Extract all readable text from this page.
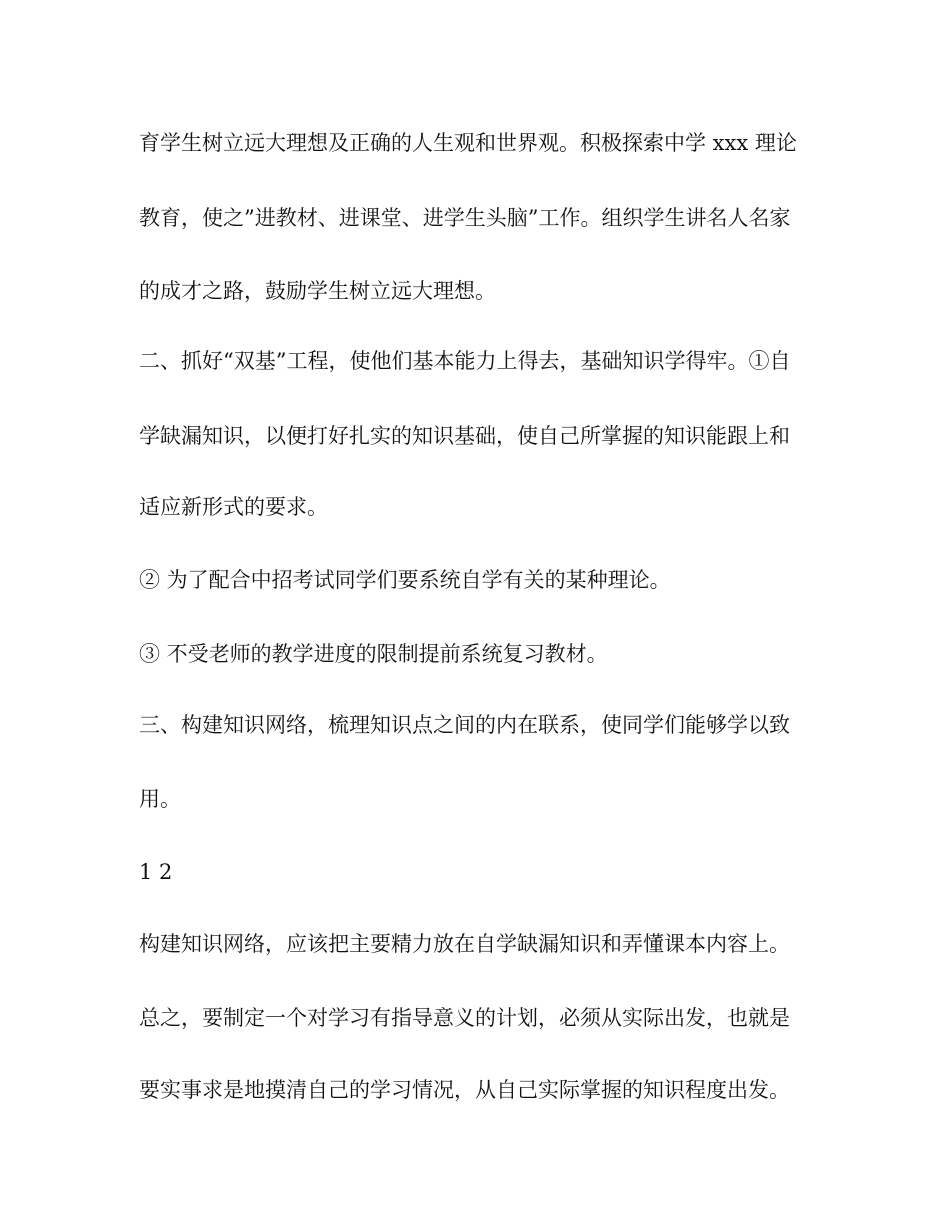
育学生树立远大理想及正确的人生观和世界观。积极探索中学 xxx 理论

教育，使之”进教材、进课堂、进学生头脑”工作。组织学生讲名人名家

的成才之路，鼓励学生树立远大理想。

二、抓好“双基”工程，使他们基本能力上得去，基础知识学得牢。①自

学缺漏知识，以便打好扎实的知识基础，使自己所掌握的知识能跟上和

适应新形式的要求。

② 为了配合中招考试同学们要系统自学有关的某种理论。

③ 不受老师的教学进度的限制提前系统复习教材。

三、构建知识网络，梳理知识点之间的内在联系，使同学们能够学以致

用。

1 2

构建知识网络，应该把主要精力放在自学缺漏知识和弄懂课本内容上。

总之，要制定一个对学习有指导意义的计划，必须从实际出发，也就是

要实事求是地摸清自己的学习情况，从自己实际掌握的知识程度出发。
